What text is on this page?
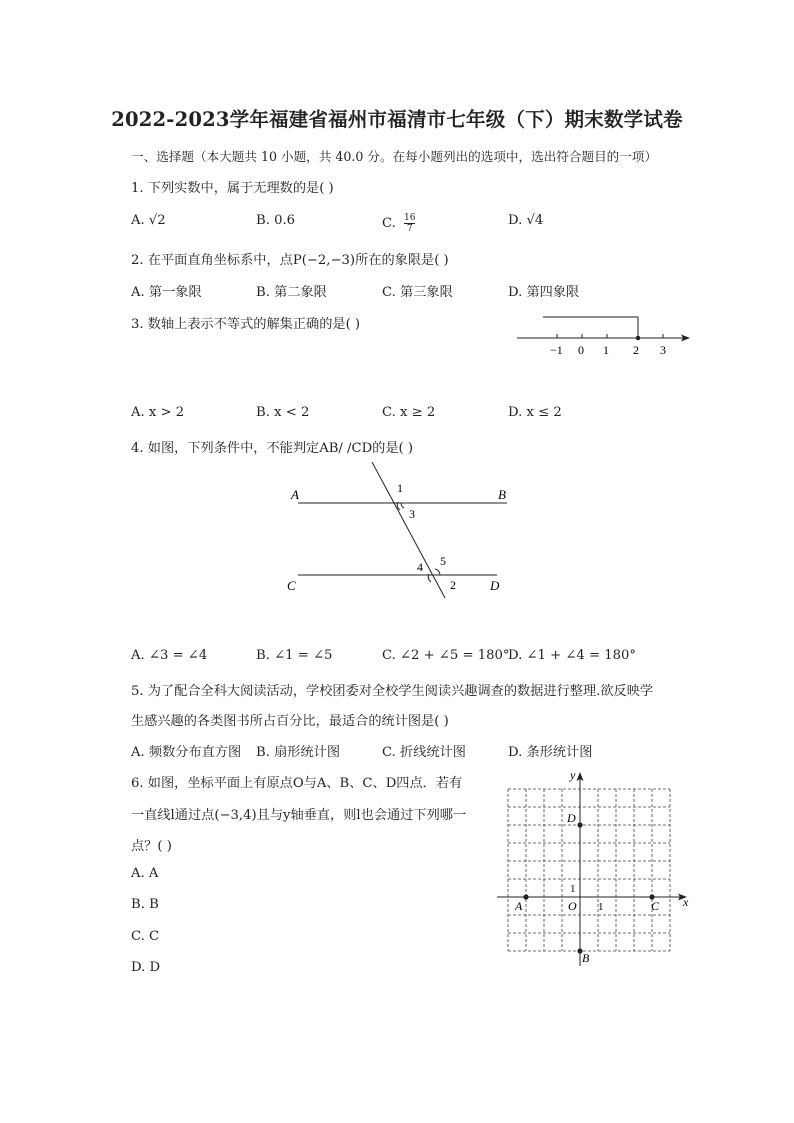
2022-2023学年福建省福州市福清市七年级（下）期末数学试卷
一、选择题（本大题共 10 小题，共 40.0 分。在每小题列出的选项中，选出符合题目的一项）
1. 下列实数中，属于无理数的是( )
A. √2	B. 0.6	C. $\frac{16}{7}$	D. √4
2. 在平面直角坐标系中，点P(−2,−3)所在的象限是( )
A. 第一象限	B. 第二象限	C. 第三象限	D. 第四象限
3. 数轴上表示不等式的解集正确的是( )
−1 0 1 2 3
A. x > 2	B. x < 2	C. x ≥ 2	D. x ≤ 2
4. 如图，下列条件中，不能判定AB/ /CD的是( )
A	B
C	D
1
3
4 5
2
A. ∠3 = ∠4	B. ∠1 = ∠5	C. ∠2 + ∠5 = 180°
D. ∠1 + ∠4 = 180°
5. 为了配合全科大阅读活动，学校团委对全校学生阅读兴趣调查的数据进行整理.欲反映学
生感兴趣的各类图书所占百分比，最适合的统计图是( )
A. 频数分布直方图 B. 扇形统计图	C. 折线统计图	D. 条形统计图
6. 如图，坐标平面上有原点O与A、B、C、D四点．若有
一直线l通过点(−3,4)且与y轴垂直，则l也会通过下列哪一
点？( )
A. A
B. B
C. C
D. D
x
y
O 1
1
A	C
D
B
